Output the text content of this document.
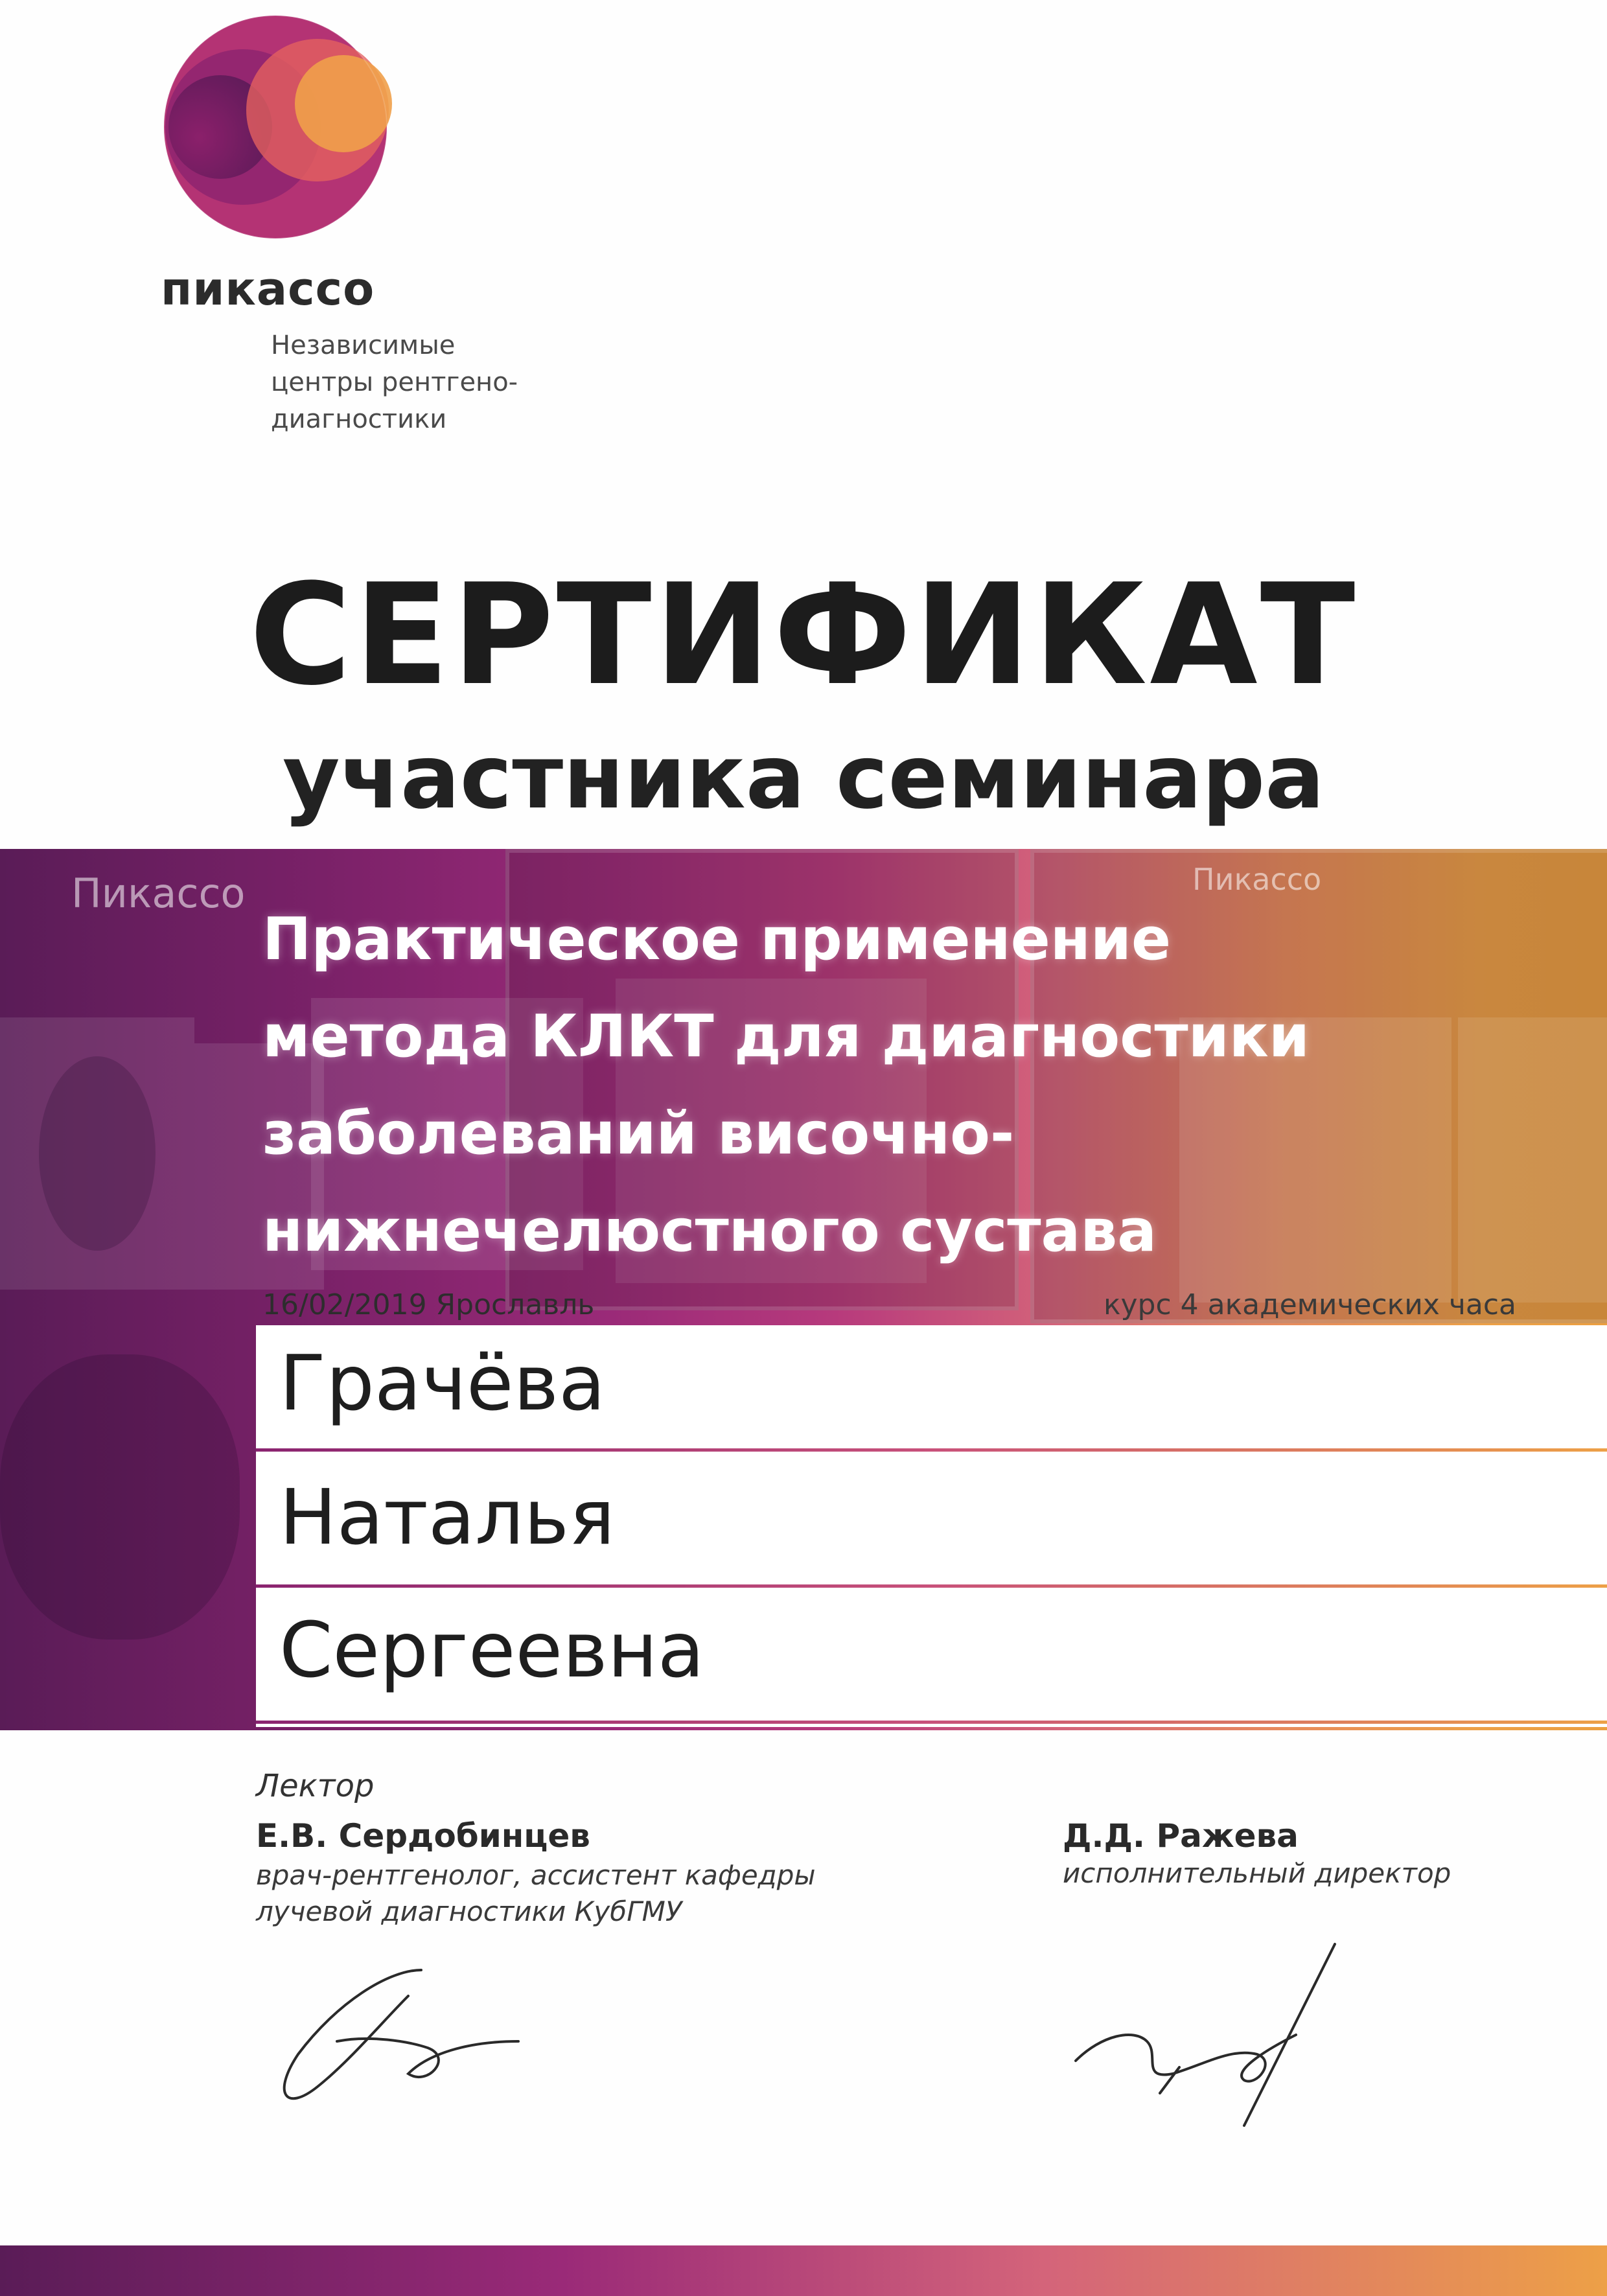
пикассо
Независимые
центры рентгено-
диагностики
СЕРТИФИКАТ
участника семинара
Пикассо	Пикассо
Практическое применение
метода КЛКТ для диагностики
заболеваний височно-
нижнечелюстного сустава
16/02/2019 Ярославль	курс 4 академических часа
Грачёва
Наталья
Сергеевна
Лектор
Е.В. Сердобинцев
врач-рентгенолог, ассистент кафедры
лучевой диагностики КубГМУ
Д.Д. Ражева
исполнительный директор
